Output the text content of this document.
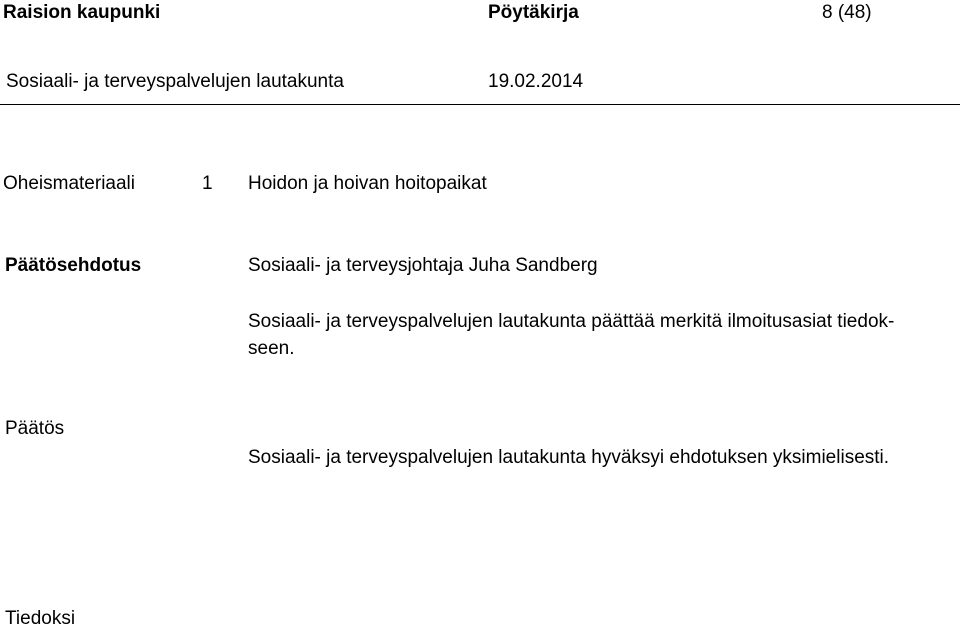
Raision kaupunki	Pöytäkirja	8 (48)
Sosiaali- ja terveyspalvelujen lautakunta	19.02.2014
Oheismateriaali	1 Hoidon ja hoivan hoitopaikat
Päätösehdotus	Sosiaali- ja terveysjohtaja Juha Sandberg
Sosiaali- ja terveyspalvelujen lautakunta päättää merkitä ilmoitusasiat tiedok-
seen.
Päätös
Sosiaali- ja terveyspalvelujen lautakunta hyväksyi ehdotuksen yksimielisesti.
Tiedoksi
